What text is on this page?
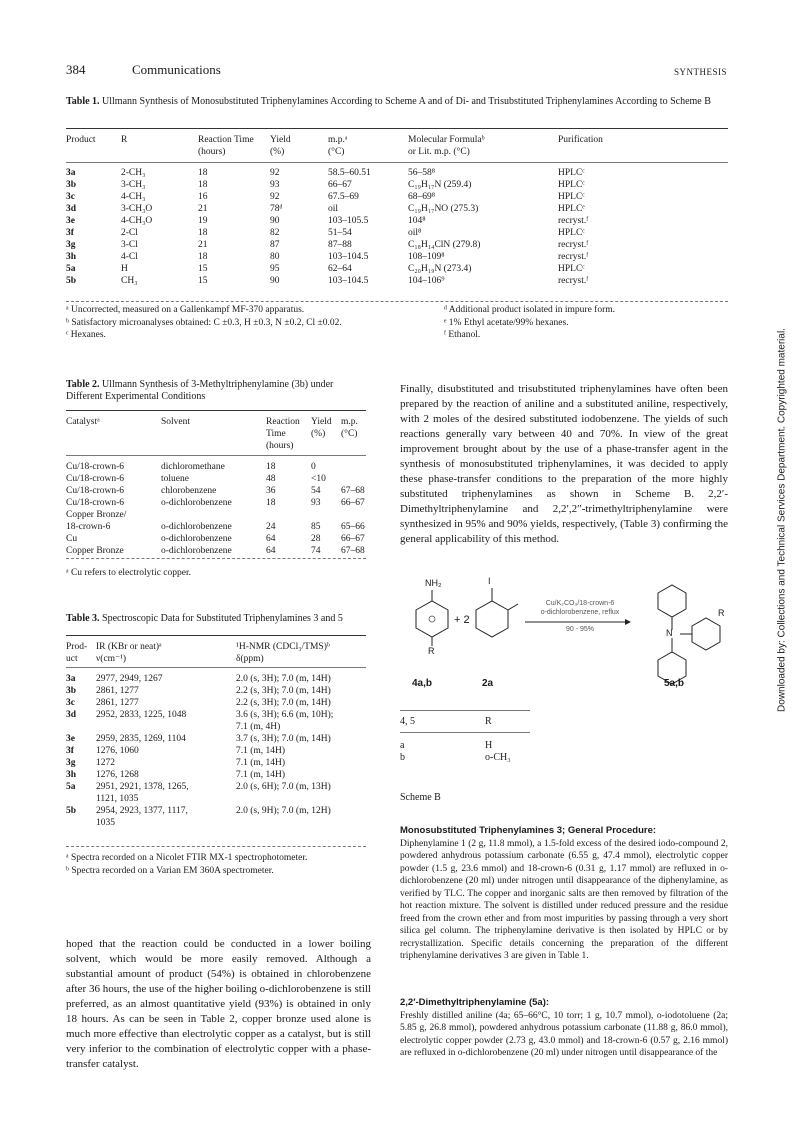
384	Communications	SYNTHESIS
Table 1. Ullmann Synthesis of Monosubstituted Triphenylamines According to Scheme A and of Di- and Trisubstituted Triphenylamines According to Scheme B
Product	R	Reaction Time	Yield	m.p.ᵃ	Molecular Formulaᵇ	Purification
		(hours)	(%)	(°C)	or Lit. m.p. (°C)	

3a	2-CH₃	18	92	58.5–60.51	56–58⁸	HPLCᶜ
3b	3-CH₃	18	93	66–67	C₁₉H₁₇N (259.4)	HPLCᶜ
3c	4-CH₃	16	92	67.5–69	68–69⁸	HPLCᶜ
3d	3-CH₃O	21	78ᵈ	oil	C₁₉H₁₇NO (275.3)	HPLCᵉ
3e	4-CH₃O	19	90	103–105.5	104⁸	recryst.ᶠ
3f	2-Cl	18	82	51–54	oil⁸	HPLCᶜ
3g	3-Cl	21	87	87–88	C₁₈H₁₄ClN (279.8)	recryst.ᶠ
3h	4-Cl	18	80	103–104.5	108–109⁸	recryst.ᶠ
5a	H	15	95	62–64	C₂₀H₁₉N (273.4)	HPLCᶜ
5b	CH₃	15	90	103–104.5	104–106⁹	recryst.ᶠ
ᵃ Uncorrected, measured on a Gallenkampf MF-370 apparatus.
ᵇ Satisfactory microanalyses obtained: C ±0.3, H ±0.3, N ±0.2, Cl ±0.02.
ᶜ Hexanes.
ᵈ Additional product isolated in impure form.
ᵉ 1% Ethyl acetate/99% hexanes.
ᶠ Ethanol.
Table 2. Ullmann Synthesis of 3-Methyltriphenylamine (3b) under Different Experimental Conditions
Catalystᵃ	Solvent	Reaction	Yield	m.p.
		Time	(%)	(°C)
		(hours)		

Cu/18-crown-6	dichloromethane	18	0	
Cu/18-crown-6	toluene	48	<10	
Cu/18-crown-6	chlorobenzene	36	54	67–68
Cu/18-crown-6	o-dichlorobenzene	18	93	66–67
Copper Bronze/				
18-crown-6	o-dichlorobenzene	24	85	65–66
Cu	o-dichlorobenzene	64	28	66–67
Copper Bronze	o-dichlorobenzene	64	74	67–68
ᵃ Cu refers to electrolytic copper.
Table 3. Spectroscopic Data for Substituted Triphenylamines 3 and 5
Prod-	IR (KBr or neat)ᵃ	¹H-NMR (CDCl₃/TMS)ᵇ
uct	ν(cm⁻¹)	δ(ppm)

3a	2977, 2949, 1267	2.0 (s, 3H); 7.0 (m, 14H)
3b	2861, 1277	2.2 (s, 3H); 7.0 (m, 14H)
3c	2861, 1277	2.2 (s, 3H); 7.0 (m, 14H)
3d	2952, 2833, 1225, 1048	3.6 (s, 3H); 6.6 (m, 10H);
		7.1 (m, 4H)
3e	2959, 2835, 1269, 1104	3.7 (s, 3H); 7.0 (m, 14H)
3f	1276, 1060	7.1 (m, 14H)
3g	1272	7.1 (m, 14H)
3h	1276, 1268	7.1 (m, 14H)
5a	2951, 2921, 1378, 1265,	2.0 (s, 6H); 7.0 (m, 13H)
	1121, 1035	
5b	2954, 2923, 1377, 1117,	2.0 (s, 9H); 7.0 (m, 12H)
	1035	
ᵃ Spectra recorded on a Nicolet FTIR MX-1 spectrophotometer.
ᵇ Spectra recorded on a Varian EM 360A spectrometer.
hoped that the reaction could be conducted in a lower boiling solvent, which would be more easily removed. Although a substantial amount of product (54%) is obtained in chlorobenzene after 36 hours, the use of the higher boiling o-dichlorobenzene is still preferred, as an almost quantitative yield (93%) is obtained in only 18 hours. As can be seen in Table 2, copper bronze used alone is much more effective than electrolytic copper as a catalyst, but is still very inferior to the combination of electrolytic copper with a phase-transfer catalyst.
Finally, disubstituted and trisubstituted triphenylamines have often been prepared by the reaction of aniline and a substituted aniline, respectively, with 2 moles of the desired substituted iodobenzene. The yields of such reactions generally vary between 40 and 70%. In view of the great improvement brought about by the use of a phase-transfer agent in the synthesis of monosubstituted triphenylamines, it was decided to apply these phase-transfer conditions to the preparation of the more highly substituted triphenylamines as shown in Scheme B. 2,2′-Dimethyltriphenylamine and 2,2′,2″-trimethyltriphenylamine were synthesized in 95% and 90% yields, respectively, (Table 3) confirming the general applicability of this method.
NH₂	I
+ 2
R
Cu/K₂CO₃/18-crown-6
o-dichlorobenzene, reflux
90 - 95%	N
R
4a,b	2a	5a,b
4, 5	R
a	H
b	o-CH₃
Scheme B
Monosubstituted Triphenylamines 3; General Procedure:
Diphenylamine 1 (2 g, 11.8 mmol), a 1.5-fold excess of the desired iodo-compound 2, powdered anhydrous potassium carbonate (6.55 g, 47.4 mmol), electrolytic copper powder (1.5 g, 23.6 mmol) and 18-crown-6 (0.31 g, 1.17 mmol) are refluxed in o-dichlorobenzene (20 ml) under nitrogen until disappearance of the diphenylamine, as verified by TLC. The copper and inorganic salts are then removed by filtration of the hot reaction mixture. The solvent is distilled under reduced pressure and the residue freed from the crown ether and from most impurities by passing through a very short silica gel column. The triphenylamine derivative is then isolated by HPLC or by recrystallization. Specific details concerning the preparation of the different triphenylamine derivatives 3 are given in Table 1.
2,2′-Dimethyltriphenylamine (5a):
Freshly distilled aniline (4a; 65–66°C, 10 torr; 1 g, 10.7 mmol), o-iodotoluene (2a; 5.85 g, 26.8 mmol), powdered anhydrous potassium carbonate (11.88 g, 86.0 mmol), electrolytic copper powder (2.73 g, 43.0 mmol) and 18-crown-6 (0.57 g, 2.16 mmol) are refluxed in o-dichlorobenzene (20 ml) under nitrogen until disappearance of the
Downloaded by: Collections and Technical Services Department. Copyrighted material.
